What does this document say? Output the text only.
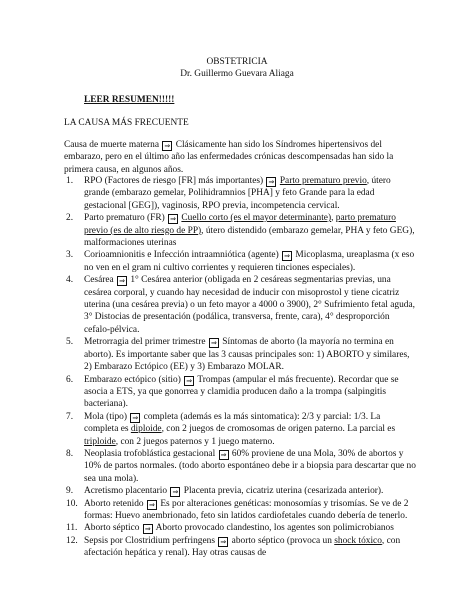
OBSTETRICIA
Dr. Guillermo Guevara Aliaga
LEER RESUMEN!!!!!
LA CAUSA MÁS FRECUENTE
Causa de muerte materna ⇒ Clásicamente han sido los Síndromes hipertensivos del embarazo, pero en el último año las enfermedades crónicas descompensadas han sido la primera causa, en algunos años.
1. RPO (Factores de riesgo [FR] más importantes) ⇒ Parto prematuro previo, útero grande (embarazo gemelar, Polihidramnios [PHA] y feto Grande para la edad gestacional [GEG]), vaginosis, RPO previa, incompetencia cervical.
2. Parto prematuro (FR) ⇒ Cuello corto (es el mayor determinante), parto prematuro previo (es de alto riesgo de PP), útero distendido (embarazo gemelar, PHA y feto GEG), malformaciones uterinas
3. Corioamnionitis e Infección intraamniótica (agente) ⇒ Micoplasma, ureaplasma (x eso no ven en el gram ni cultivo corrientes y requieren tinciones especiales).
4. Cesárea ⇒ 1° Cesárea anterior (obligada en 2 cesáreas segmentarias previas, una cesárea corporal, y cuando hay necesidad de inducir con misoprostol y tiene cicatriz uterina (una cesárea previa) o un feto mayor a 4000 o 3900), 2° Sufrimiento fetal aguda, 3° Distocias de presentación (podálica, transversa, frente, cara), 4° desproporción cefalo-pélvica.
5. Metrorragia del primer trimestre ⇒ Síntomas de aborto (la mayoría no termina en aborto). Es importante saber que las 3 causas principales son: 1) ABORTO y similares, 2) Embarazo Ectópico (EE) y 3) Embarazo MOLAR.
6. Embarazo ectópico (sitio) ⇒ Trompas (ampular el más frecuente). Recordar que se asocia a ETS, ya que gonorrea y clamidia producen daño a la trompa (salpingitis bacteriana).
7. Mola (tipo) ⇒ completa (además es la más sintomatica): 2/3 y parcial: 1/3. La completa es diploide, con 2 juegos de cromosomas de origen paterno. La parcial es triploide, con 2 juegos paternos y 1 juego materno.
8. Neoplasia trofoblástica gestacional ⇒ 60% proviene de una Mola, 30% de abortos y 10% de partos normales. (todo aborto espontáneo debe ir a biopsia para descartar que no sea una mola).
9. Acretismo placentario ⇒ Placenta previa, cicatriz uterina (cesarizada anterior).
10. Aborto retenido ⇒ Es por alteraciones genéticas: monosomías y trisomías. Se ve de 2 formas: Huevo anembrionado, feto sin latidos cardiofetales cuando debería de tenerlo.
11. Aborto séptico ⇒ Aborto provocado clandestino, los agentes son polimicrobianos
12. Sepsis por Clostridium perfringens ⇒ aborto séptico (provoca un shock tóxico, con afectación hepática y renal). Hay otras causas de
